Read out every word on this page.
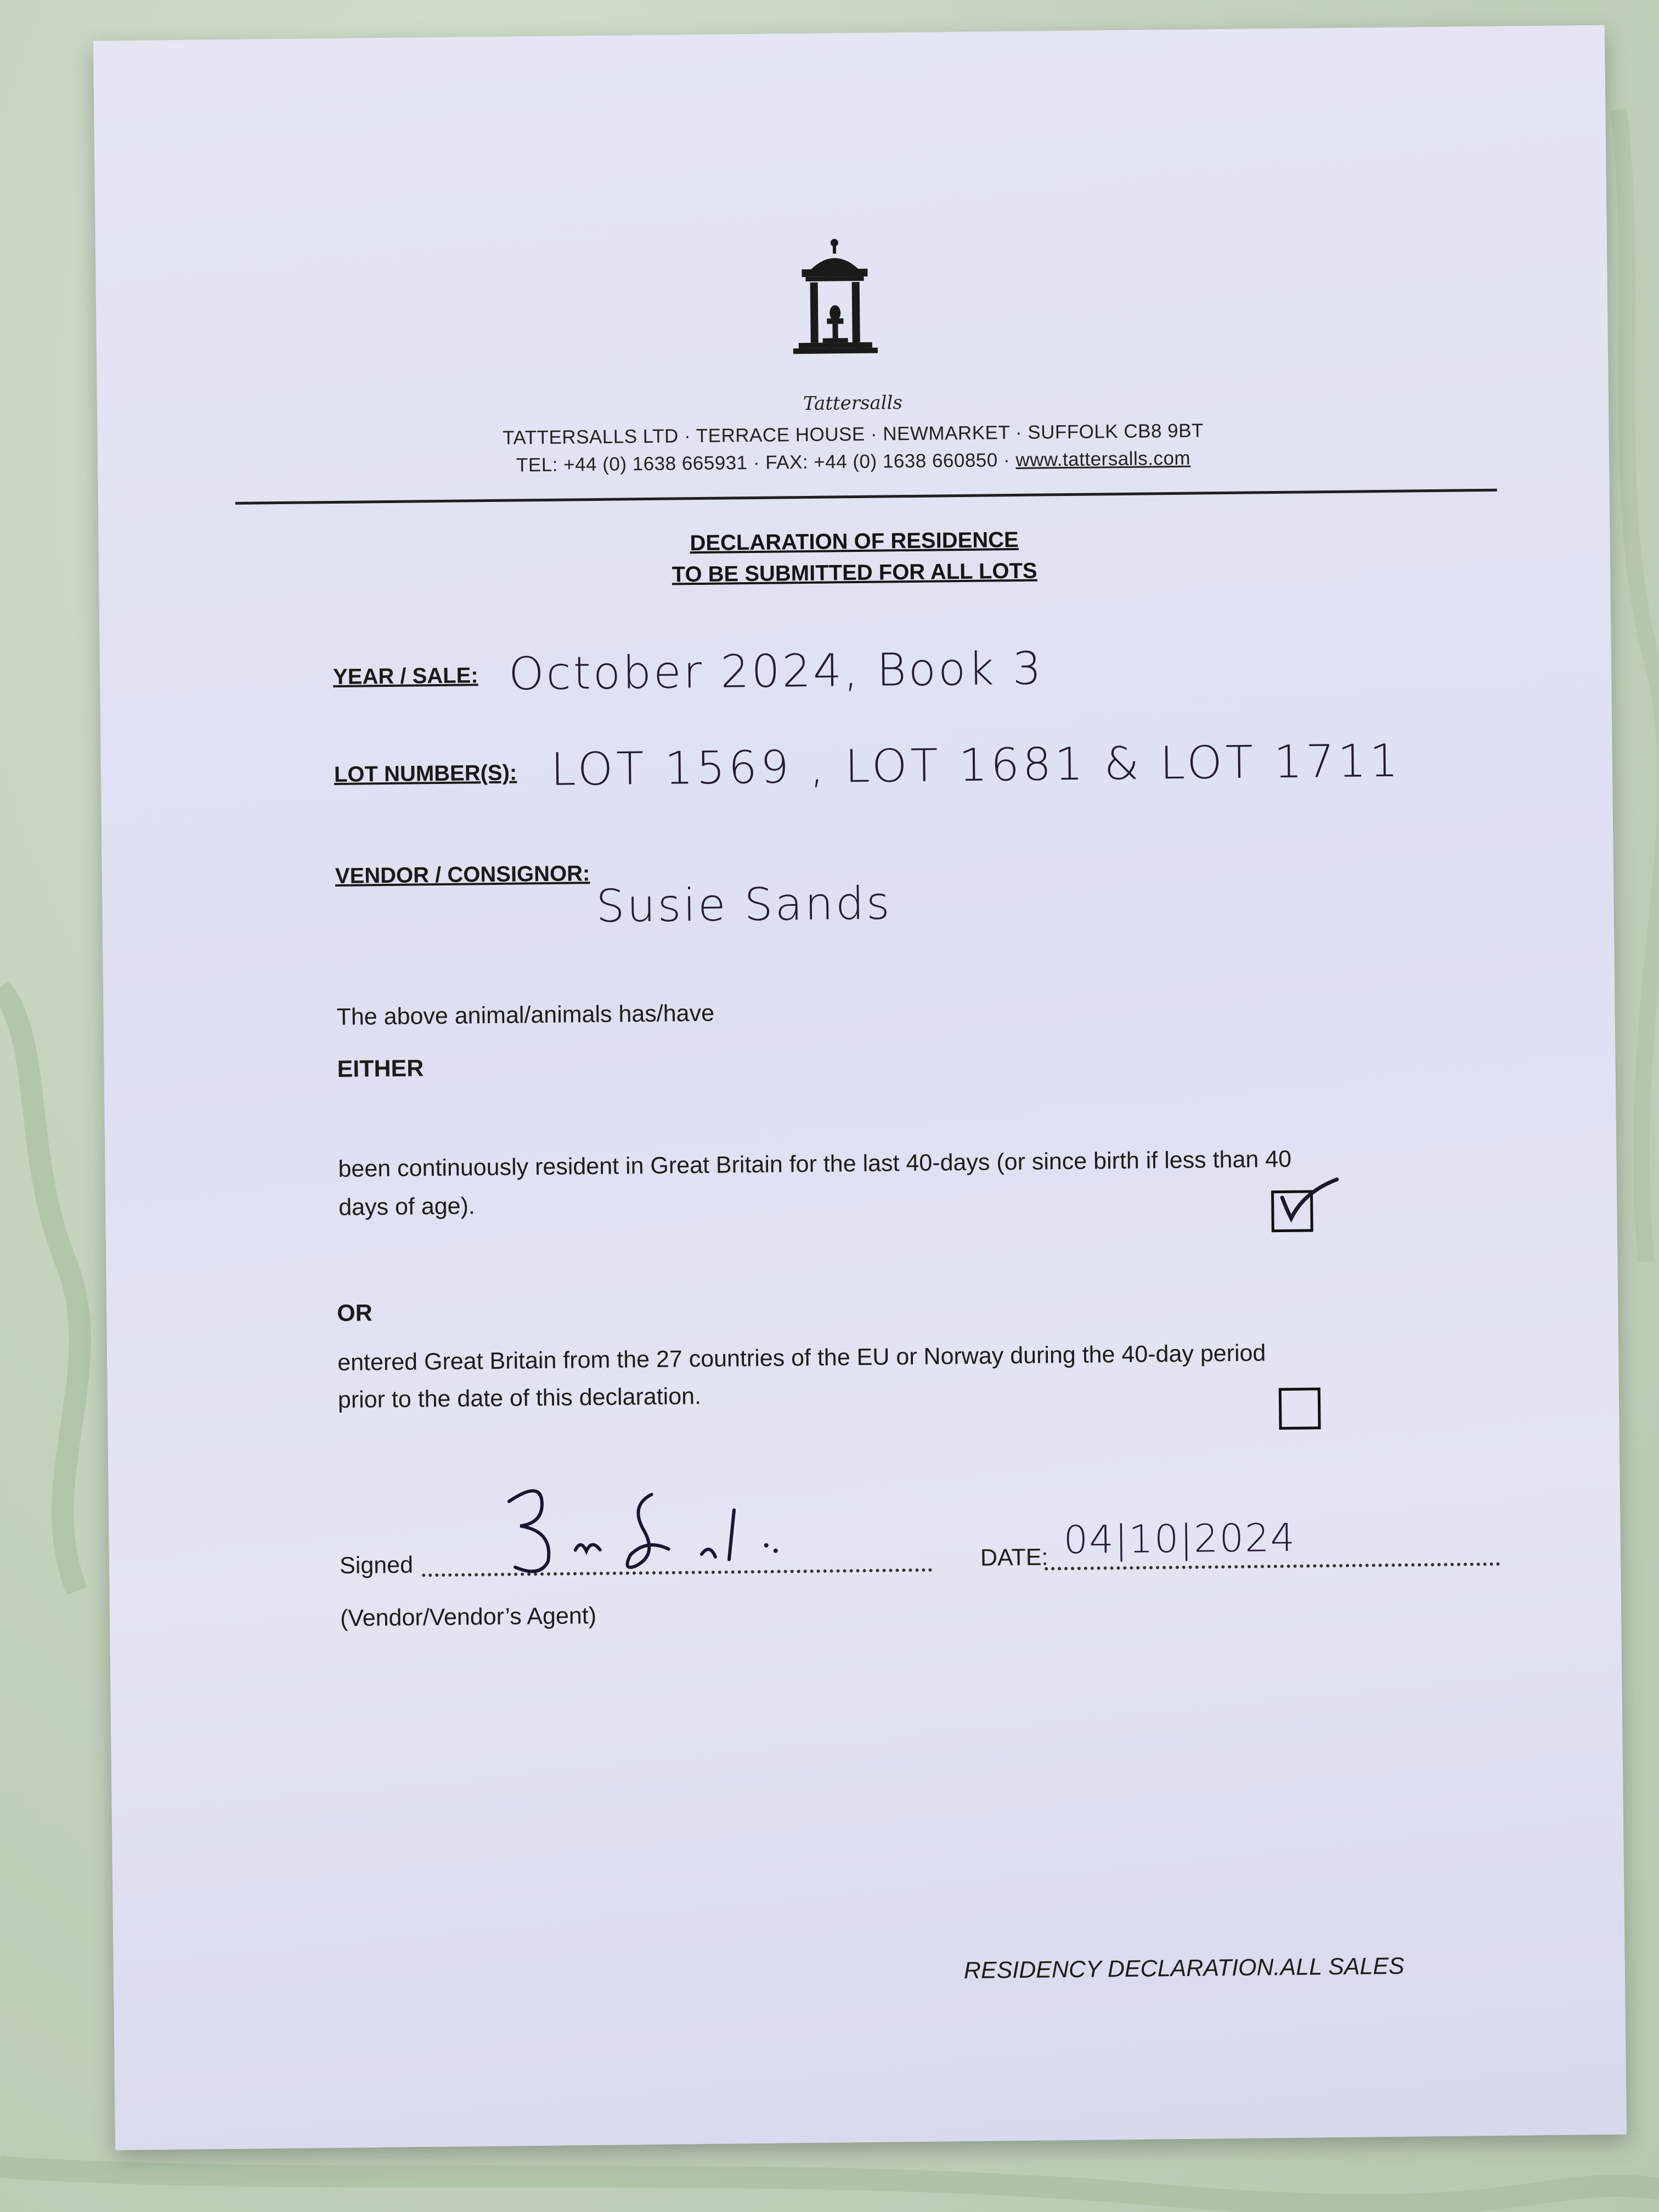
Tattersalls
TATTERSALLS LTD · TERRACE HOUSE · NEWMARKET · SUFFOLK CB8 9BT
TEL: +44 (0) 1638 665931 · FAX: +44 (0) 1638 660850 · www.tattersalls.com
DECLARATION OF RESIDENCE
TO BE SUBMITTED FOR ALL LOTS
YEAR / SALE: October 2024, Book 3
LOT NUMBER(S): LOT 1569 , LOT 1681 & LOT 1711
VENDOR / CONSIGNOR:
Susie Sands
The above animal/animals has/have
EITHER
been continuously resident in Great Britain for the last 40-days (or since birth if less than 40
days of age).
OR
entered Great Britain from the 27 countries of the EU or Norway during the 40-day period
prior to the date of this declaration.
Signed
(Vendor/Vendor’s Agent)
DATE: 04|10|2024
RESIDENCY DECLARATION.ALL SALES
